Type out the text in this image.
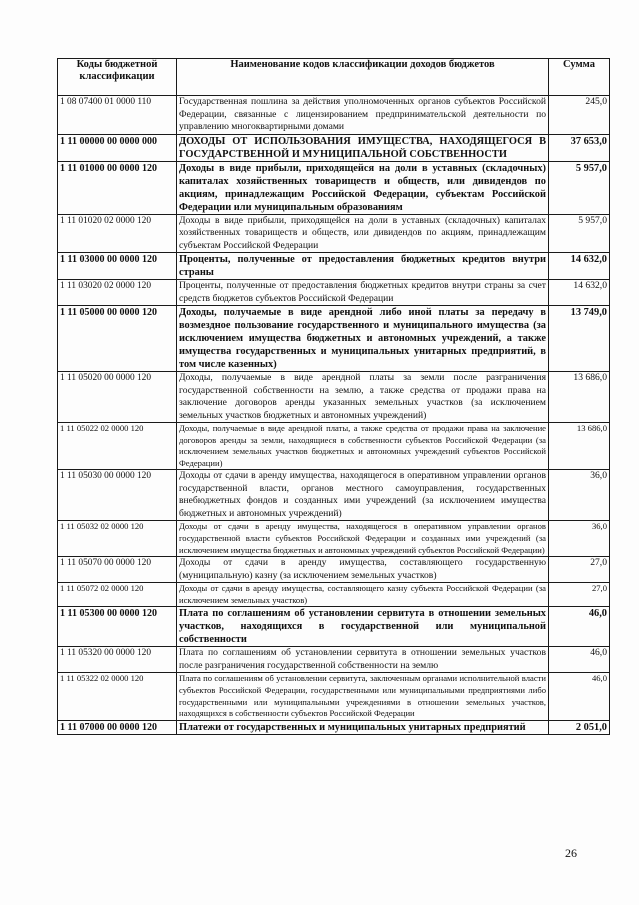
Коды бюджетной классификации	Наименование кодов классификации доходов бюджетов	Сумма
1 08 07400 01 0000 110	Государственная пошлина за действия уполномоченных органов субъектов Российской Федерации, связанные с лицензированием предпринимательской деятельности по управлению многоквартирными домами	245,0
1 11 00000 00 0000 000	ДОХОДЫ ОТ ИСПОЛЬЗОВАНИЯ ИМУЩЕСТВА, НАХОДЯЩЕГОСЯ В ГОСУДАРСТВЕННОЙ И МУНИЦИПАЛЬНОЙ СОБСТВЕННОСТИ	37 653,0
1 11 01000 00 0000 120	Доходы в виде прибыли, приходящейся на доли в уставных (складочных) капиталах хозяйственных товариществ и обществ, или дивидендов по акциям, принадлежащим Российской Федерации, субъектам Российской Федерации или муниципальным образованиям	5 957,0
1 11 01020 02 0000 120	Доходы в виде прибыли, приходящейся на доли в уставных (складочных) капиталах хозяйственных товариществ и обществ, или дивидендов по акциям, принадлежащим субъектам Российской Федерации	5 957,0
1 11 03000 00 0000 120	Проценты, полученные от предоставления бюджетных кредитов внутри страны	14 632,0
1 11 03020 02 0000 120	Проценты, полученные от предоставления бюджетных кредитов внутри страны за счет средств бюджетов субъектов Российской Федерации	14 632,0
1 11 05000 00 0000 120	Доходы, получаемые в виде арендной либо иной платы за передачу в возмездное пользование государственного и муниципального имущества (за исключением имущества бюджетных и автономных учреждений, а также имущества государственных и муниципальных унитарных предприятий, в том числе казенных)	13 749,0
1 11 05020 00 0000 120	Доходы, получаемые в виде арендной платы за земли после разграничения государственной собственности на землю, а также средства от продажи права на заключение договоров аренды указанных земельных участков (за исключением земельных участков бюджетных и автономных учреждений)	13 686,0
1 11 05022 02 0000 120	Доходы, получаемые в виде арендной платы, а также средства от продажи права на заключение договоров аренды за земли, находящиеся в собственности субъектов Российской Федерации (за исключением земельных участков бюджетных и автономных учреждений субъектов Российской Федерации)	13 686,0
1 11 05030 00 0000 120	Доходы от сдачи в аренду имущества, находящегося в оперативном управлении органов государственной власти, органов местного самоуправления, государственных внебюджетных фондов и созданных ими учреждений (за исключением имущества бюджетных и автономных учреждений)	36,0
1 11 05032 02 0000 120	Доходы от сдачи в аренду имущества, находящегося в оперативном управлении органов государственной власти субъектов Российской Федерации и созданных ими учреждений (за исключением имущества бюджетных и автономных учреждений субъектов Российской Федерации)	36,0
1 11 05070 00 0000 120	Доходы от сдачи в аренду имущества, составляющего государственную (муниципальную) казну (за исключением земельных участков)	27,0
1 11 05072 02 0000 120	Доходы от сдачи в аренду имущества, составляющего казну субъекта Российской Федерации (за исключением земельных участков)	27,0
1 11 05300 00 0000 120	Плата по соглашениям об установлении сервитута в отношении земельных участков, находящихся в государственной или муниципальной собственности	46,0
1 11 05320 00 0000 120	Плата по соглашениям об установлении сервитута в отношении земельных участков после разграничения государственной собственности на землю	46,0
1 11 05322 02 0000 120	Плата по соглашениям об установлении сервитута, заключенным органами исполнительной власти субъектов Российской Федерации, государственными или муниципальными предприятиями либо государственными или муниципальными учреждениями в отношении земельных участков, находящихся в собственности субъектов Российской Федерации	46,0
1 11 07000 00 0000 120	Платежи от государственных и муниципальных унитарных предприятий	2 051,0
26
